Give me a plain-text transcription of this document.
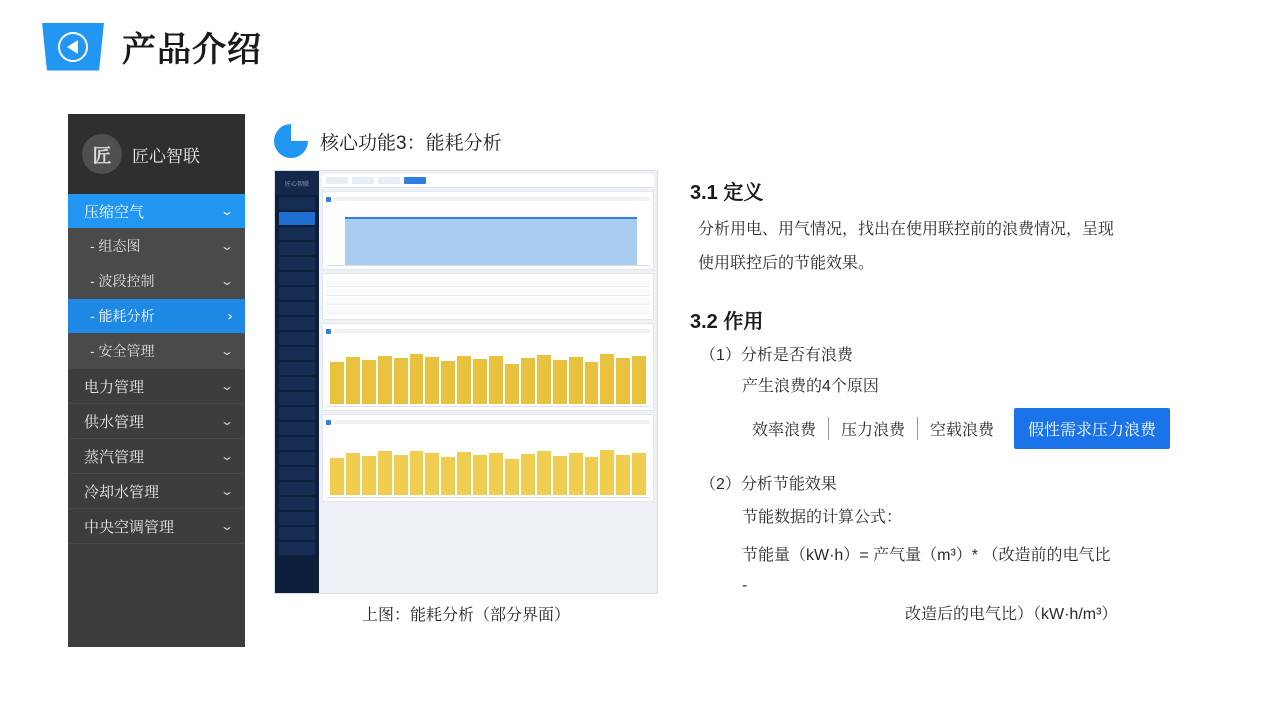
产品介绍
匠	匠心智联
压缩空气	⌄
- 组态图	⌄
- 波段控制	⌄
- 能耗分析	›
- 安全管理	⌄
电力管理	⌄
供水管理	⌄
蒸汽管理	⌄
冷却水管理	⌄
中央空调管理	⌄
核心功能3：能耗分析
匠心智联
上图：能耗分析（部分界面）
3.1 定义
分析用电、用气情况，找出在使用联控前的浪费情况，呈现
使用联控后的节能效果。
3.2 作用
（1）分析是否有浪费
产生浪费的4个原因
效率浪费	压力浪费	空载浪费	假性需求压力浪费
（2）分析节能效果
节能数据的计算公式：
节能量（kW·h）= 产气量（m³）* （改造前的电气比
-
改造后的电气比）（kW·h/m³）
